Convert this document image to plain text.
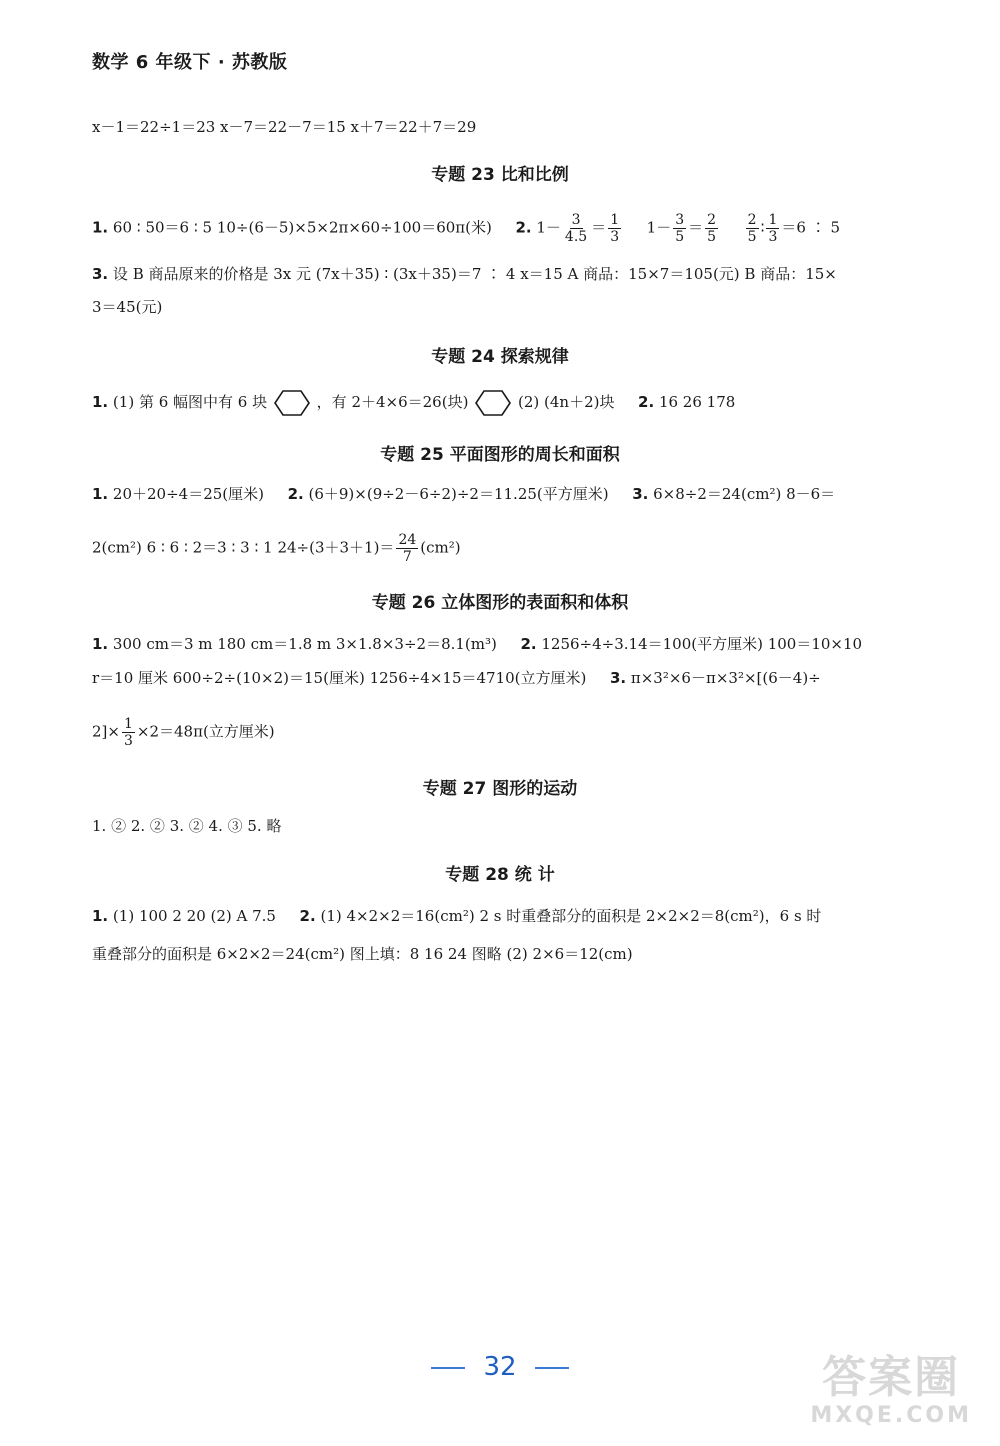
数学 6 年级下 · 苏教版
x－1＝22÷1＝23 x－7＝22－7＝15 x＋7＝22＋7＝29
专题 23 比和比例
1. 60 ∶ 50＝6 ∶ 5 10÷(6－5)×5×2π×60÷100＝60π(米) 2. $1- \frac{3}{4.5} = \frac{1}{3} 1- \frac{3}{5} = \frac{2}{5}$
$\frac{2}{5}$ ∶ $\frac{1}{3} =6$ ∶ 5
3. 设 B 商品原来的价格是 3x 元 (7x＋35) ∶ (3x＋35)＝7 ∶ 4 x＝15 A 商品：15×7＝105(元) B 商品：15×
3＝45(元)
专题 24 探索规律
1. (1) 第 6 幅图中有 6 块	，有 2＋4×6＝26(块)	(2) (4n＋2)块 2. 16 26 178
专题 25 平面图形的周长和面积
1. 20＋20÷4＝25(厘米) 2. (6＋9)×(9÷2－6÷2)÷2＝11.25(平方厘米) 3. 6×8÷2＝24(cm²) 8－6＝
2(cm²) 6 ∶ 6 ∶ 2＝3 ∶ 3 ∶ 1 $24\div(3+3+1)= \frac{24}{7} (cm^2)$
专题 26 立体图形的表面积和体积
1. 300 cm＝3 m 180 cm＝1.8 m 3×1.8×3÷2＝8.1(m³) 2. 1256÷4÷3.14＝100(平方厘米) 100＝10×10
r＝10 厘米 600÷2÷(10×2)＝15(厘米) 1256÷4×15＝4710(立方厘米) 3. π×3²×6－π×3²×[(6－4)÷
$2]\times \frac{1}{3} \times 2=48\pi$(立方厘米)
专题 27 图形的运动
1. ② 2. ② 3. ② 4. ③ 5. 略
专题 28 统 计
1. (1) 100 2 20 (2) A 7.5 2. (1) 4×2×2＝16(cm²) 2 s 时重叠部分的面积是 2×2×2＝8(cm²)，6 s 时
重叠部分的面积是 6×2×2＝24(cm²) 图上填：8 16 24 图略 (2) 2×6＝12(cm)
32	答案圈
MXQE.COM
